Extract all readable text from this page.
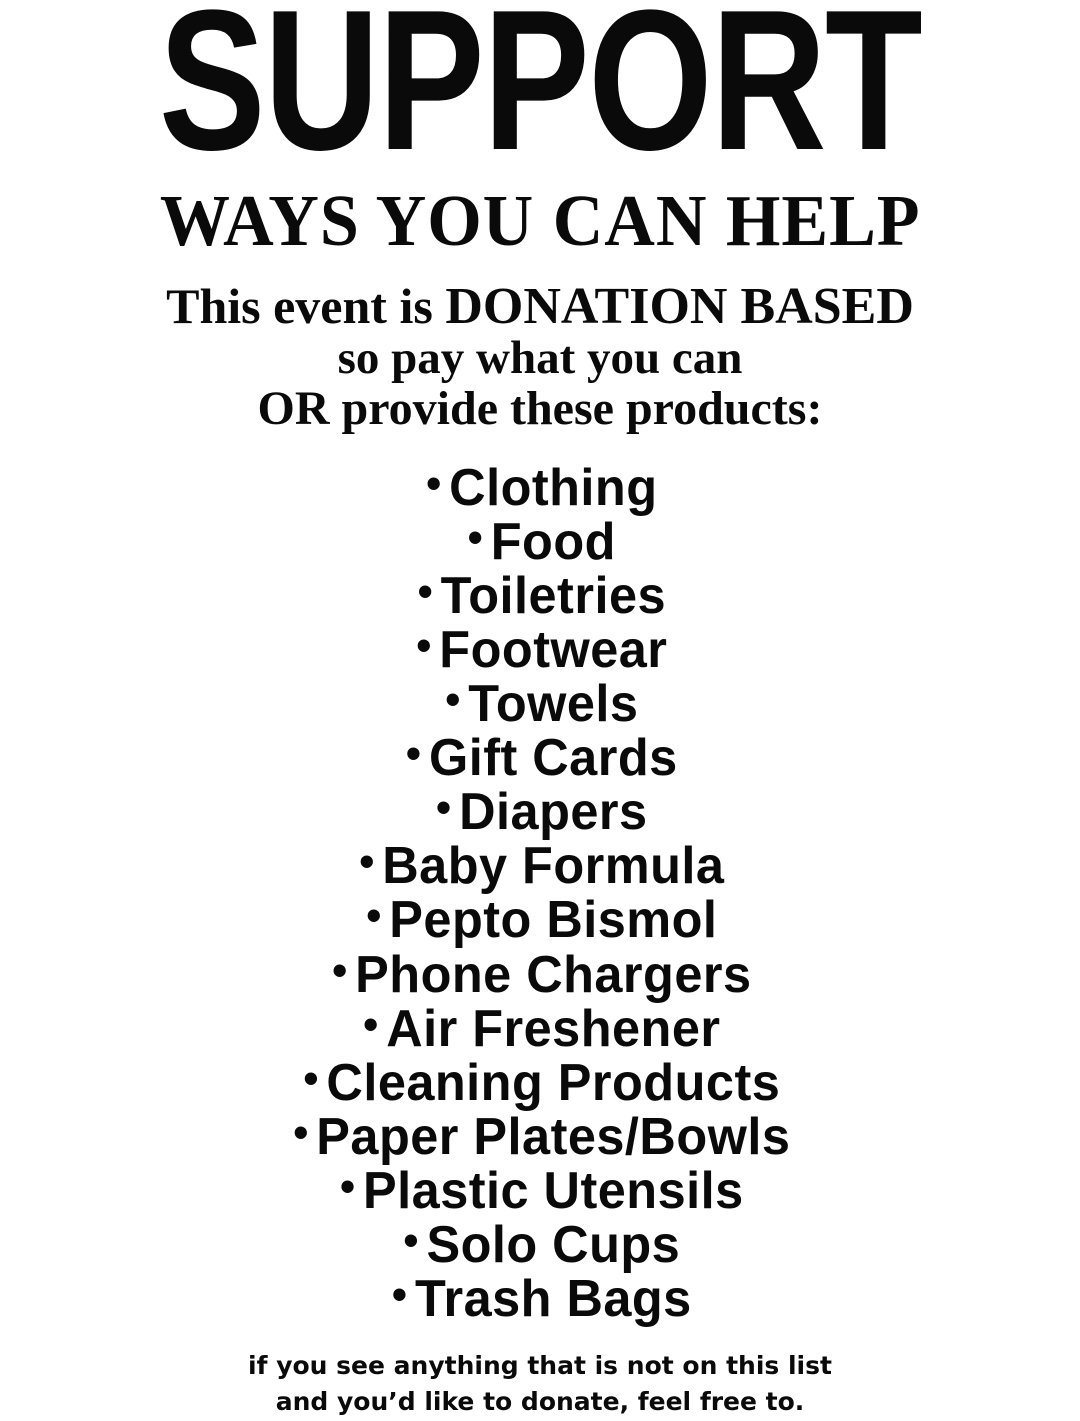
SUPPORT
WAYS YOU CAN HELP
This event is DONATION BASED
so pay what you can
OR provide these products:
•Clothing
•Food
•Toiletries
•Footwear
•Towels
•Gift Cards
•Diapers
•Baby Formula
•Pepto Bismol
•Phone Chargers
•Air Freshener
•Cleaning Products
•Paper Plates/Bowls
•Plastic Utensils
•Solo Cups
•Trash Bags
if you see anything that is not on this list
and you’d like to donate, feel free to.
